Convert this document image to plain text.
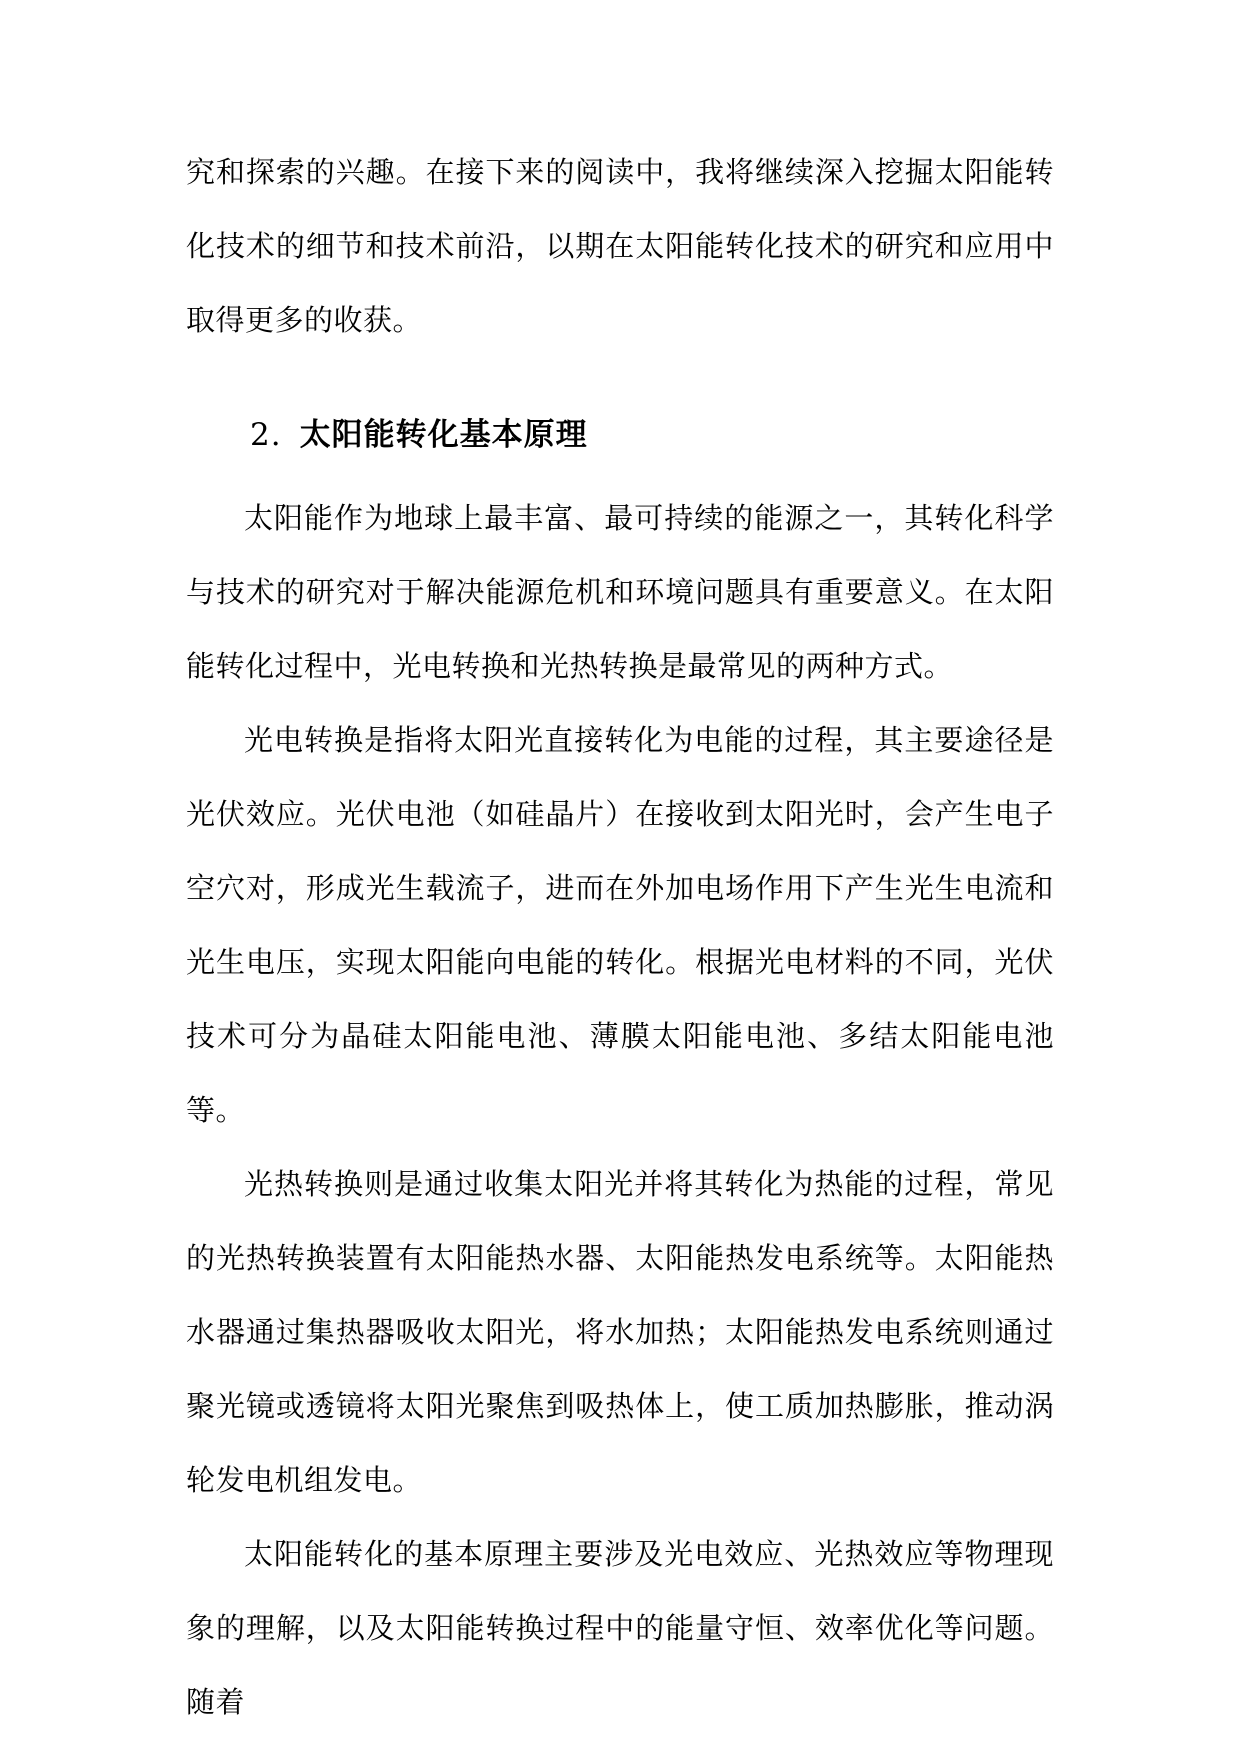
究和探索的兴趣。在接下来的阅读中，我将继续深入挖掘太阳能转化技术的细节和技术前沿，以期在太阳能转化技术的研究和应用中取得更多的收获。
2. 太阳能转化基本原理

太阳能作为地球上最丰富、最可持续的能源之一，其转化科学与技术的研究对于解决能源危机和环境问题具有重要意义。在太阳能转化过程中，光电转换和光热转换是最常见的两种方式。

光电转换是指将太阳光直接转化为电能的过程，其主要途径是光伏效应。光伏电池（如硅晶片）在接收到太阳光时，会产生电子空穴对，形成光生载流子，进而在外加电场作用下产生光生电流和光生电压，实现太阳能向电能的转化。根据光电材料的不同，光伏技术可分为晶硅太阳能电池、薄膜太阳能电池、多结太阳能电池等。

光热转换则是通过收集太阳光并将其转化为热能的过程，常见的光热转换装置有太阳能热水器、太阳能热发电系统等。太阳能热水器通过集热器吸收太阳光，将水加热；太阳能热发电系统则通过聚光镜或透镜将太阳光聚焦到吸热体上，使工质加热膨胀，推动涡轮发电机组发电。

太阳能转化的基本原理主要涉及光电效应、光热效应等物理现象的理解，以及太阳能转换过程中的能量守恒、效率优化等问题。随着
